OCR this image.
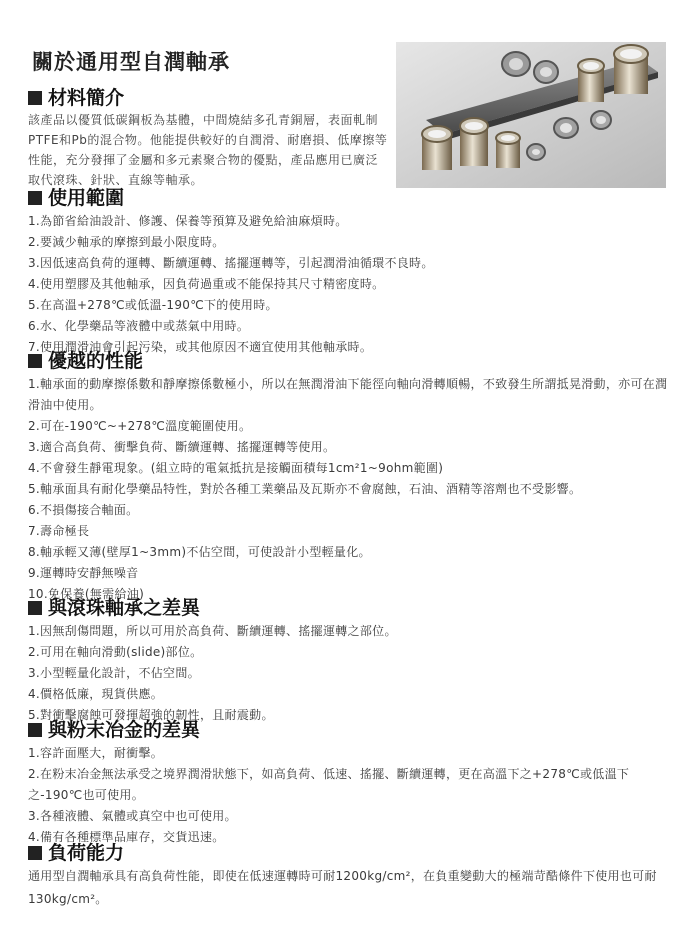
關於通用型自潤軸承
材料簡介
該產品以優質低碳鋼板為基體，中間燒結多孔青銅層，表面軋制PTFE和Pb的混合物。他能提供較好的自潤滑、耐磨損、低摩擦等性能，充分發揮了金屬和多元素聚合物的優點，產品應用已廣泛取代滾珠、針狀、直線等軸承。
使用範圍
1.為節省給油設計、修護、保養等預算及避免給油麻煩時。
2.要減少軸承的摩擦到最小限度時。
3.因低速高負荷的運轉、斷續運轉、搖擺運轉等，引起潤滑油循環不良時。
4.使用塑膠及其他軸承，因負荷過重或不能保持其尺寸精密度時。
5.在高溫+278℃或低溫-190℃下的使用時。
6.水、化學藥品等液體中或蒸氣中用時。
7.使用潤滑油會引起污染，或其他原因不適宜使用其他軸承時。
優越的性能
1.軸承面的動摩擦係數和靜摩擦係數極小，所以在無潤滑油下能徑向軸向滑轉順暢，不致發生所謂抵晃滑動，亦可在潤滑油中使用。
2.可在-190℃~+278℃溫度範圍使用。
3.適合高負荷、衝擊負荷、斷續運轉、搖擺運轉等使用。
4.不會發生靜電現象。(組立時的電氣抵抗是接觸面積每1cm²1~9ohm範圍)
5.軸承面具有耐化學藥品特性，對於各種工業藥品及瓦斯亦不會腐蝕，石油、酒精等溶劑也不受影響。
6.不損傷接合軸面。
7.壽命極長
8.軸承輕又薄(壁厚1~3mm)不佔空間，可使設計小型輕量化。
9.運轉時安靜無噪音
10.免保養(無需給油)
與滾珠軸承之差異
1.因無刮傷問題，所以可用於高負荷、斷續運轉、搖擺運轉之部位。
2.可用在軸向滑動(slide)部位。
3.小型輕量化設計，不佔空間。
4.價格低廉，現貨供應。
5.對衝擊腐蝕可發揮超強的韌性，且耐震動。
與粉末冶金的差異
1.容許面壓大，耐衝擊。
2.在粉末冶金無法承受之境界潤滑狀態下，如高負荷、低速、搖擺、斷續運轉，更在高溫下之+278℃或低溫下之-190℃也可使用。
3.各種液體、氣體或真空中也可使用。
4.備有各種標準品庫存，交貨迅速。
負荷能力
通用型自潤軸承具有高負荷性能，即使在低速運轉時可耐1200kg/cm²，在負重變動大的極端苛酷條件下使用也可耐130kg/cm²。
